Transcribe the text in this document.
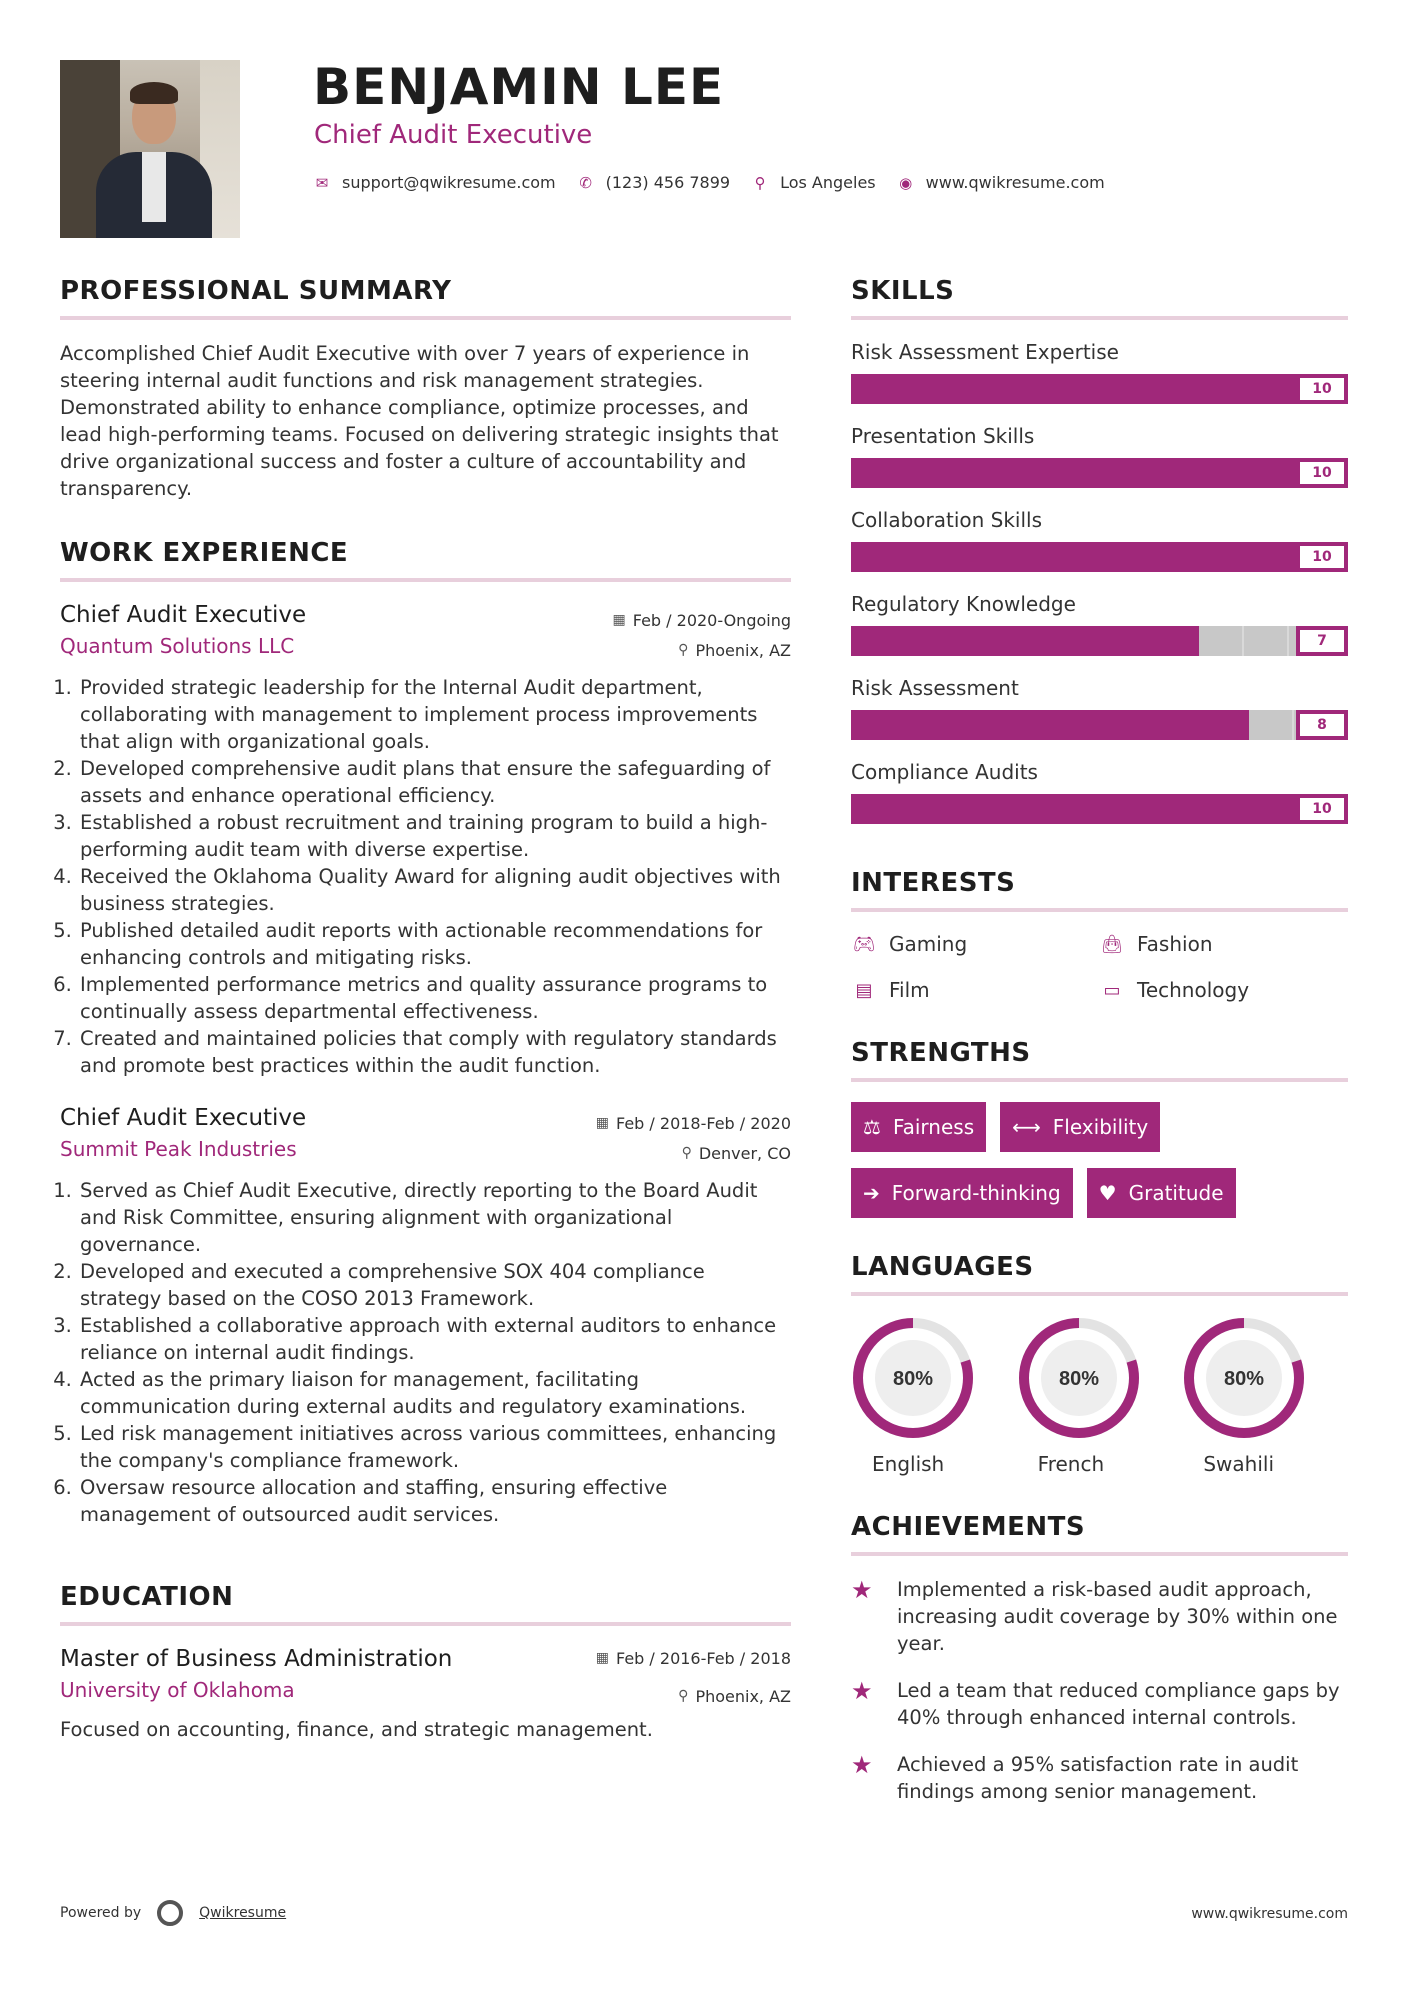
BENJAMIN LEE
Chief Audit Executive
✉ support@qwikresume.com ✆ (123) 456 7899 ⚲ Los Angeles ◉ www.qwikresume.com
PROFESSIONAL SUMMARY

Accomplished Chief Audit Executive with over 7 years of experience in steering internal audit functions and risk management strategies. Demonstrated ability to enhance compliance, optimize processes, and lead high-performing teams. Focused on delivering strategic insights that drive organizational success and foster a culture of accountability and transparency.

WORK EXPERIENCE
Chief Audit Executive
Quantum Solutions LLC
▦ Feb / 2020-Ongoing
⚲ Phoenix, AZ
1. Provided strategic leadership for the Internal Audit department, collaborating with management to implement process improvements that align with organizational goals.
2. Developed comprehensive audit plans that ensure the safeguarding of assets and enhance operational efficiency.
3. Established a robust recruitment and training program to build a high-performing audit team with diverse expertise.
4. Received the Oklahoma Quality Award for aligning audit objectives with business strategies.
5. Published detailed audit reports with actionable recommendations for enhancing controls and mitigating risks.
6. Implemented performance metrics and quality assurance programs to continually assess departmental effectiveness.
7. Created and maintained policies that comply with regulatory standards and promote best practices within the audit function.
Chief Audit Executive
Summit Peak Industries
▦ Feb / 2018-Feb / 2020
⚲ Denver, CO
1. Served as Chief Audit Executive, directly reporting to the Board Audit and Risk Committee, ensuring alignment with organizational governance.
2. Developed and executed a comprehensive SOX 404 compliance strategy based on the COSO 2013 Framework.
3. Established a collaborative approach with external auditors to enhance reliance on internal audit findings.
4. Acted as the primary liaison for management, facilitating communication during external audits and regulatory examinations.
5. Led risk management initiatives across various committees, enhancing the company's compliance framework.
6. Oversaw resource allocation and staffing, ensuring effective management of outsourced audit services.
EDUCATION
Master of Business Administration
University of Oklahoma
▦ Feb / 2016-Feb / 2018
⚲ Phoenix, AZ

Focused on accounting, finance, and strategic management.

SKILLS
Risk Assessment Expertise
10
Presentation Skills
10
Collaboration Skills
10
Regulatory Knowledge
7
Risk Assessment
8
Compliance Audits
10
INTERESTS
🎮︎ Gaming	👜︎ Fashion
▤ Film	▭ Technology
STRENGTHS
⚖ Fairness ⟷ Flexibility
➔ Forward-thinking ♥ Gratitude
LANGUAGES
80%
English
80%
French
80%
Swahili
ACHIEVEMENTS
★	Implemented a risk-based audit approach, increasing audit coverage by 30% within one year.
★	Led a team that reduced compliance gaps by 40% through enhanced internal controls.
★	Achieved a 95% satisfaction rate in audit findings among senior management.
Powered by	Qwikresume	www.qwikresume.com
